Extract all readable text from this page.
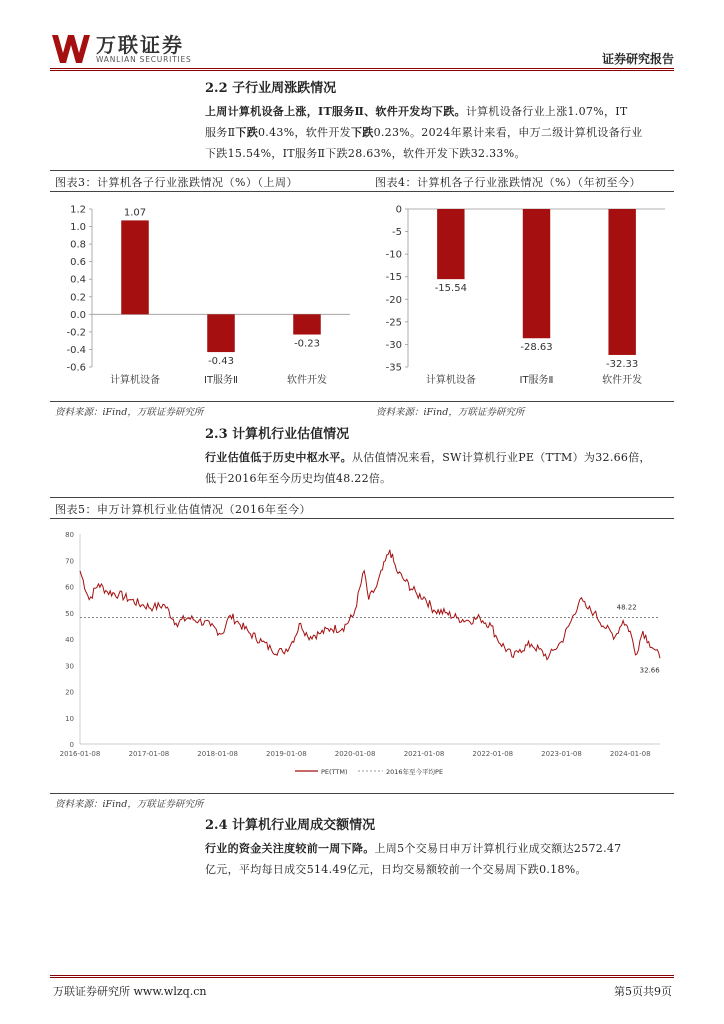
万联证券
WANLIAN SECURITIES	证券研究报告
2.2 子行业周涨跌情况
上周计算机设备上涨，IT服务Ⅱ、软件开发均下跌。计算机设备行业上涨1.07%，IT
服务Ⅱ下跌0.43%，软件开发下跌0.23%。2024年累计来看，申万二级计算机设备行业
下跌15.54%，IT服务Ⅱ下跌28.63%，软件开发下跌32.33%。
图表3：计算机各子行业涨跌情况（%）（上周）	图表4：计算机各子行业涨跌情况（%）（年初至今）
-0.6
-0.4
-0.2
0.0
0.2
0.4
0.6
0.8
1.0
1.2	1.07
计算机设备
-0.43
IT服务Ⅱ
-0.23
软件开发
-35
-30
-25
-20
-15
-10
-5
0
-15.54
计算机设备
-28.63
IT服务Ⅱ
-32.33
软件开发
资料来源：iFind，万联证券研究所	资料来源：iFind，万联证券研究所
2.3 计算机行业估值情况
行业估值低于历史中枢水平。从估值情况来看，SW计算机行业PE（TTM）为32.66倍，
低于2016年至今历史均值48.22倍。
图表5：申万计算机行业估值情况（2016年至今）
0
10
20
30
40
50
60
70
80
2016-01-08	2017-01-08	2018-01-08	2019-01-08	2020-01-08	2021-01-08	2022-01-08	2023-01-08	2024-01-08
48.22
32.66
PE(TTM)	2016年至今平均PE
资料来源：iFind，万联证券研究所
2.4 计算机行业周成交额情况
行业的资金关注度较前一周下降。上周5个交易日申万计算机行业成交额达2572.47
亿元，平均每日成交514.49亿元，日均交易额较前一个交易周下跌0.18%。
万联证券研究所 www.wlzq.cn	第5页共9页
